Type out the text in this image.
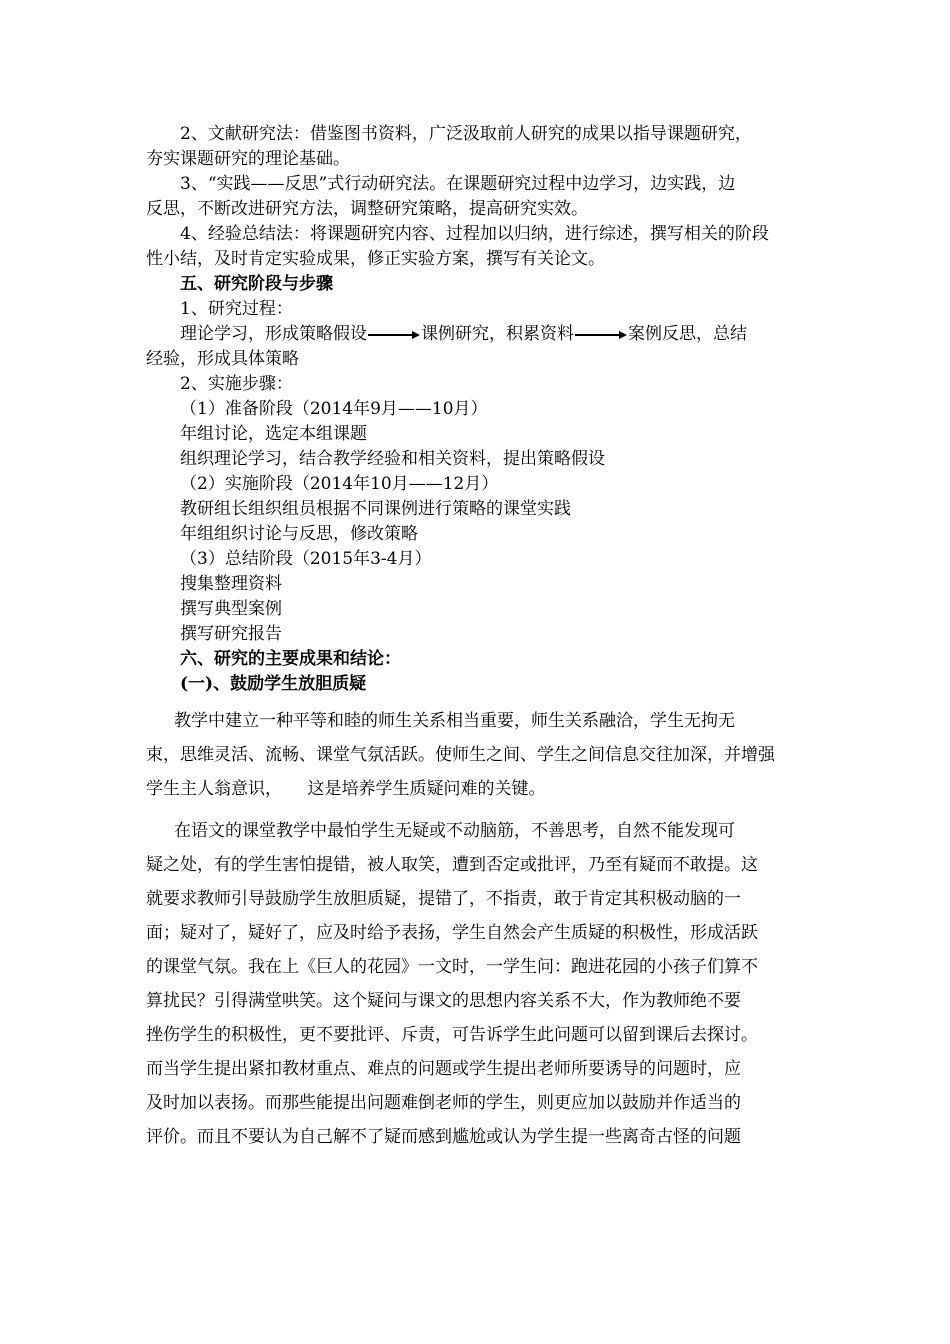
2、文献研究法：借鉴图书资料，广泛汲取前人研究的成果以指导课题研究，
夯实课题研究的理论基础。

3、“实践——反思”式行动研究法。在课题研究过程中边学习，边实践，边
反思，不断改进研究方法，调整研究策略，提高研究实效。

4、经验总结法：将课题研究内容、过程加以归纳，进行综述，撰写相关的阶段
性小结，及时肯定实验成果，修正实验方案，撰写有关论文。

五、研究阶段与步骤

1、研究过程：

理论学习，形成策略假设	课例研究，积累资料	案例反思，总结
经验，形成具体策略

2、实施步骤：

（1）准备阶段（2014年9月——10月）

年组讨论，选定本组课题

组织理论学习，结合教学经验和相关资料，提出策略假设

（2）实施阶段（2014年10月——12月）

教研组长组织组员根据不同课例进行策略的课堂实践

年组组织讨论与反思，修改策略

（3）总结阶段（2015年3-4月）

搜集整理资料

撰写典型案例

撰写研究报告

六、研究的主要成果和结论：

(一)、鼓励学生放胆质疑

教学中建立一种平等和睦的师生关系相当重要，师生关系融洽，学生无拘无
束，思维灵活、流畅、课堂气氛活跃。使师生之间、学生之间信息交往加深，并增强
学生主人翁意识，　　这是培养学生质疑问难的关键。

在语文的课堂教学中最怕学生无疑或不动脑筋，不善思考，自然不能发现可
疑之处，有的学生害怕提错，被人取笑，遭到否定或批评，乃至有疑而不敢提。这
就要求教师引导鼓励学生放胆质疑，提错了，不指责，敢于肯定其积极动脑的一
面；疑对了，疑好了，应及时给予表扬，学生自然会产生质疑的积极性，形成活跃
的课堂气氛。我在上《巨人的花园》一文时，一学生问：跑进花园的小孩子们算不
算扰民？引得满堂哄笑。这个疑问与课文的思想内容关系不大，作为教师绝不要
挫伤学生的积极性，更不要批评、斥责，可告诉学生此问题可以留到课后去探讨。
而当学生提出紧扣教材重点、难点的问题或学生提出老师所要诱导的问题时，应
及时加以表扬。而那些能提出问题难倒老师的学生，则更应加以鼓励并作适当的
评价。而且不要认为自己解不了疑而感到尴尬或认为学生提一些离奇古怪的问题
